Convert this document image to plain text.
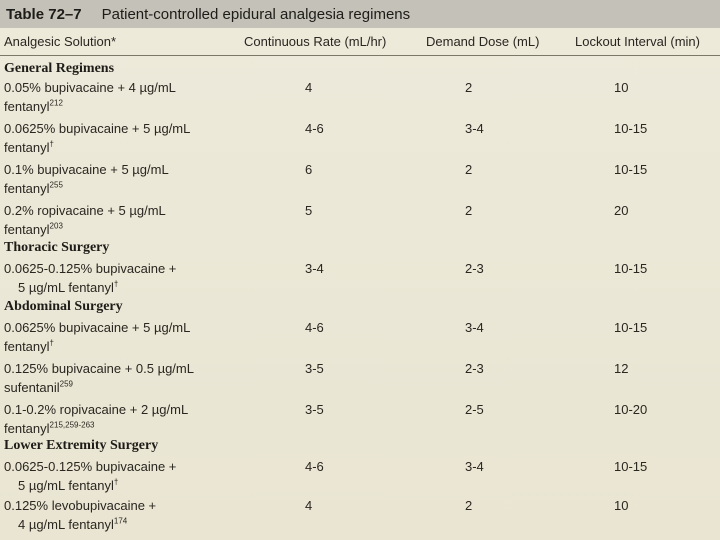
Table 72–7 Patient-controlled epidural analgesia regimens
Analgesic Solution*	Continuous Rate (mL/hr)	Demand Dose (mL)	Lockout Interval (min)
General Regimens
0.05% bupivacaine + 4 µg/mL	4	2	10
fentanyl$^{212}$
0.0625% bupivacaine + 5 µg/mL	4-6	3-4	10-15
fentanyl†
0.1% bupivacaine + 5 µg/mL	6	2	10-15
fentanyl$^{255}$
0.2% ropivacaine + 5 µg/mL	5	2	20
fentanyl$^{203}$
Thoracic Surgery
0.0625-0.125% bupivacaine +	3-4	2-3	10-15
5 µg/mL fentanyl†
Abdominal Surgery
0.0625% bupivacaine + 5 µg/mL	4-6	3-4	10-15
fentanyl†
0.125% bupivacaine + 0.5 µg/mL	3-5	2-3	12
sufentanil$^{259}$
0.1-0.2% ropivacaine + 2 µg/mL	3-5	2-5	10-20
fentanyl$^{215,259-263}$
Lower Extremity Surgery
0.0625-0.125% bupivacaine +	4-6	3-4	10-15
5 µg/mL fentanyl†
0.125% levobupivacaine +	4	2	10
4 µg/mL fentanyl$^{174}$
